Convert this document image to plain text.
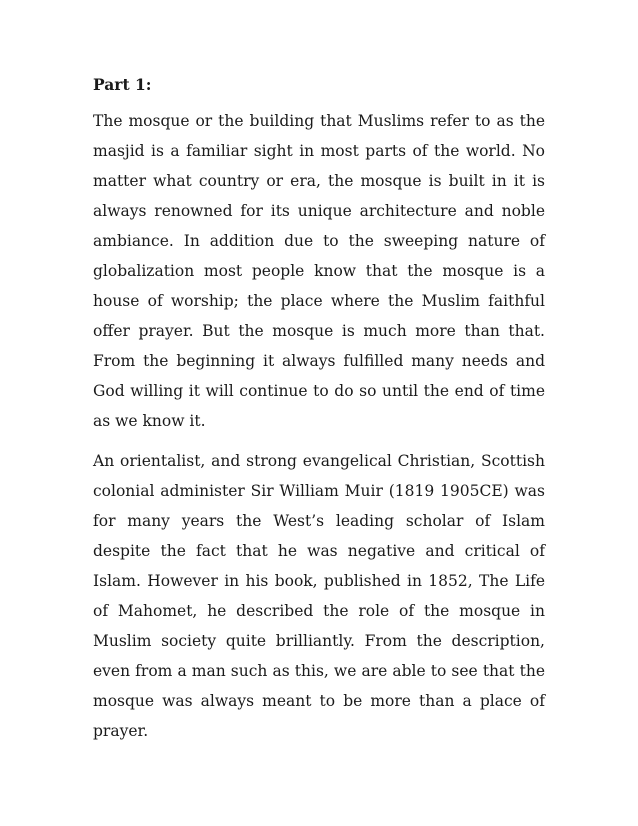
Part 1:

The mosque or the building that Muslims refer to as the masjid is a familiar sight in most parts of the world. No matter what country or era, the mosque is built in it is always renowned for its unique architecture and noble ambiance. In addition due to the sweeping nature of globalization most people know that the mosque is a house of worship; the place where the Muslim faithful offer prayer. But the mosque is much more than that. From the beginning it always fulfilled many needs and God willing it will continue to do so until the end of time as we know it.

An orientalist, and strong evangelical Christian, Scottish colonial administer Sir William Muir (1819 1905CE) was for many years the West’s leading scholar of Islam despite the fact that he was negative and critical of Islam. However in his book, published in 1852, The Life of Mahomet, he described the role of the mosque in Muslim society quite brilliantly. From the description, even from a man such as this, we are able to see that the mosque was always meant to be more than a place of prayer.
